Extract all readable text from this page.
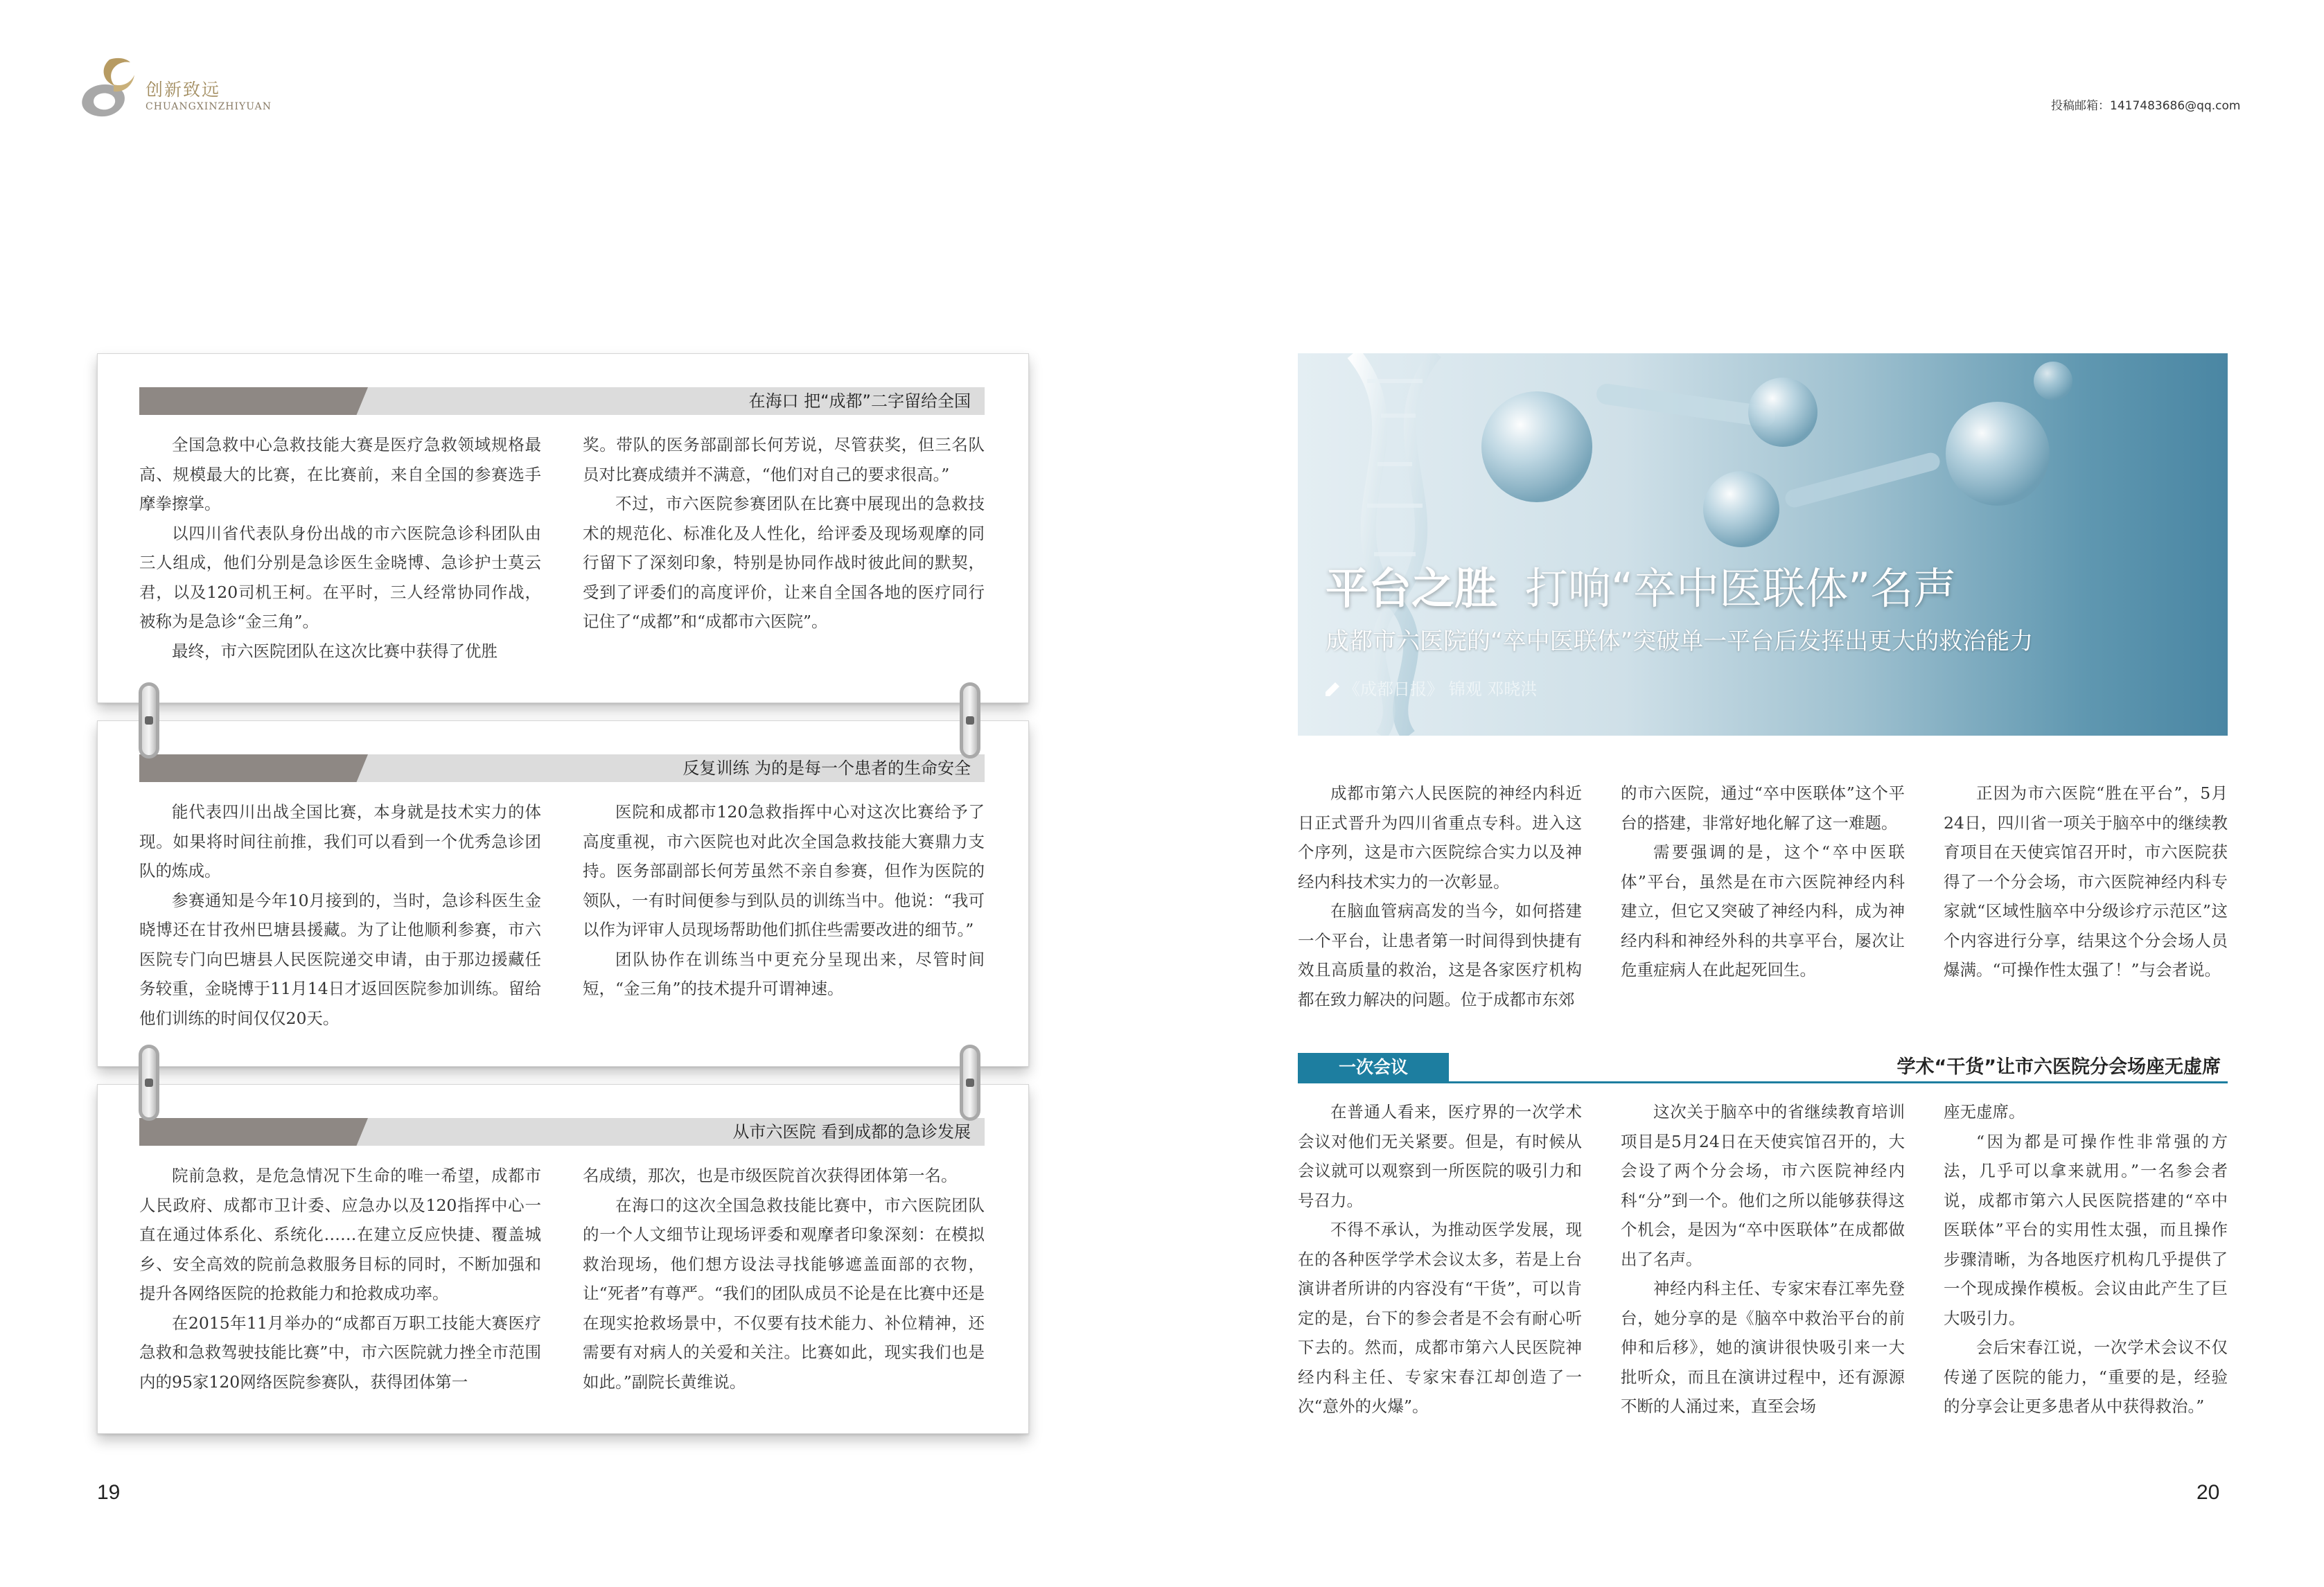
创新致远
CHUANGXINZHIYUAN	投稿邮箱：1417483686@qq.com
在海口 把“成都”二字留给全国

全国急救中心急救技能大赛是医疗急救领域规格最高、规模最大的比赛，在比赛前，来自全国的参赛选手摩拳擦掌。

以四川省代表队身份出战的市六医院急诊科团队由三人组成，他们分别是急诊医生金晓博、急诊护士莫云君，以及120司机王柯。在平时，三人经常协同作战，被称为是急诊“金三角”。

最终，市六医院团队在这次比赛中获得了优胜

奖。带队的医务部副部长何芳说，尽管获奖，但三名队员对比赛成绩并不满意，“他们对自己的要求很高。”

不过，市六医院参赛团队在比赛中展现出的急救技术的规范化、标准化及人性化，给评委及现场观摩的同行留下了深刻印象，特别是协同作战时彼此间的默契，受到了评委们的高度评价，让来自全国各地的医疗同行记住了“成都”和“成都市六医院”。

反复训练 为的是每一个患者的生命安全

能代表四川出战全国比赛，本身就是技术实力的体现。如果将时间往前推，我们可以看到一个优秀急诊团队的炼成。

参赛通知是今年10月接到的，当时，急诊科医生金晓博还在甘孜州巴塘县援藏。为了让他顺利参赛，市六医院专门向巴塘县人民医院递交申请，由于那边援藏任务较重，金晓博于11月14日才返回医院参加训练。留给他们训练的时间仅仅20天。

医院和成都市120急救指挥中心对这次比赛给予了高度重视，市六医院也对此次全国急救技能大赛鼎力支持。医务部副部长何芳虽然不亲自参赛，但作为医院的领队，一有时间便参与到队员的训练当中。他说：“我可以作为评审人员现场帮助他们抓住些需要改进的细节。”

团队协作在训练当中更充分呈现出来，尽管时间短，“金三角”的技术提升可谓神速。

从市六医院 看到成都的急诊发展

院前急救，是危急情况下生命的唯一希望，成都市人民政府、成都市卫计委、应急办以及120指挥中心一直在通过体系化、系统化……在建立反应快捷、覆盖城乡、安全高效的院前急救服务目标的同时，不断加强和提升各网络医院的抢救能力和抢救成功率。

在2015年11月举办的“成都百万职工技能大赛医疗急救和急救驾驶技能比赛”中，市六医院就力挫全市范围内的95家120网络医院参赛队，获得团体第一

名成绩，那次，也是市级医院首次获得团体第一名。

在海口的这次全国急救技能比赛中，市六医院团队的一个人文细节让现场评委和观摩者印象深刻：在模拟救治现场，他们想方设法寻找能够遮盖面部的衣物，让“死者”有尊严。“我们的团队成员不论是在比赛中还是在现实抢救场景中，不仅要有技术能力、补位精神，还需要有对病人的关爱和关注。比赛如此，现实我们也是如此。”副院长黄维说。

19
平台之胜 打响“卒中医联体”名声
成都市六医院的“卒中医联体”突破单一平台后发挥出更大的救治能力
《成都日报》 锦观 邓晓洪

成都市第六人民医院的神经内科近日正式晋升为四川省重点专科。进入这个序列，这是市六医院综合实力以及神经内科技术实力的一次彰显。

在脑血管病高发的当今，如何搭建一个平台，让患者第一时间得到快捷有效且高质量的救治，这是各家医疗机构都在致力解决的问题。位于成都市东郊

的市六医院，通过“卒中医联体”这个平台的搭建，非常好地化解了这一难题。

需要强调的是，这个“卒中医联体”平台，虽然是在市六医院神经内科建立，但它又突破了神经内科，成为神经内科和神经外科的共享平台，屡次让危重症病人在此起死回生。

正因为市六医院“胜在平台”，5月24日，四川省一项关于脑卒中的继续教育项目在天使宾馆召开时，市六医院获得了一个分会场，市六医院神经内科专家就“区域性脑卒中分级诊疗示范区”这个内容进行分享，结果这个分会场人员爆满。“可操作性太强了！”与会者说。

一次会议	学术“干货”让市六医院分会场座无虚席

在普通人看来，医疗界的一次学术会议对他们无关紧要。但是，有时候从会议就可以观察到一所医院的吸引力和号召力。

不得不承认，为推动医学发展，现在的各种医学学术会议太多，若是上台演讲者所讲的内容没有“干货”，可以肯定的是，台下的参会者是不会有耐心听下去的。然而，成都市第六人民医院神经内科主任、专家宋春江却创造了一次“意外的火爆”。

这次关于脑卒中的省继续教育培训项目是5月24日在天使宾馆召开的，大会设了两个分会场，市六医院神经内科“分”到一个。他们之所以能够获得这个机会，是因为“卒中医联体”在成都做出了名声。

神经内科主任、专家宋春江率先登台，她分享的是《脑卒中救治平台的前伸和后移》，她的演讲很快吸引来一大批听众，而且在演讲过程中，还有源源不断的人涌过来，直至会场

座无虚席。

“因为都是可操作性非常强的方法，几乎可以拿来就用。”一名参会者说，成都市第六人民医院搭建的“卒中医联体”平台的实用性太强，而且操作步骤清晰，为各地医疗机构几乎提供了一个现成操作模板。会议由此产生了巨大吸引力。

会后宋春江说，一次学术会议不仅传递了医院的能力，“重要的是，经验的分享会让更多患者从中获得救治。”

20
